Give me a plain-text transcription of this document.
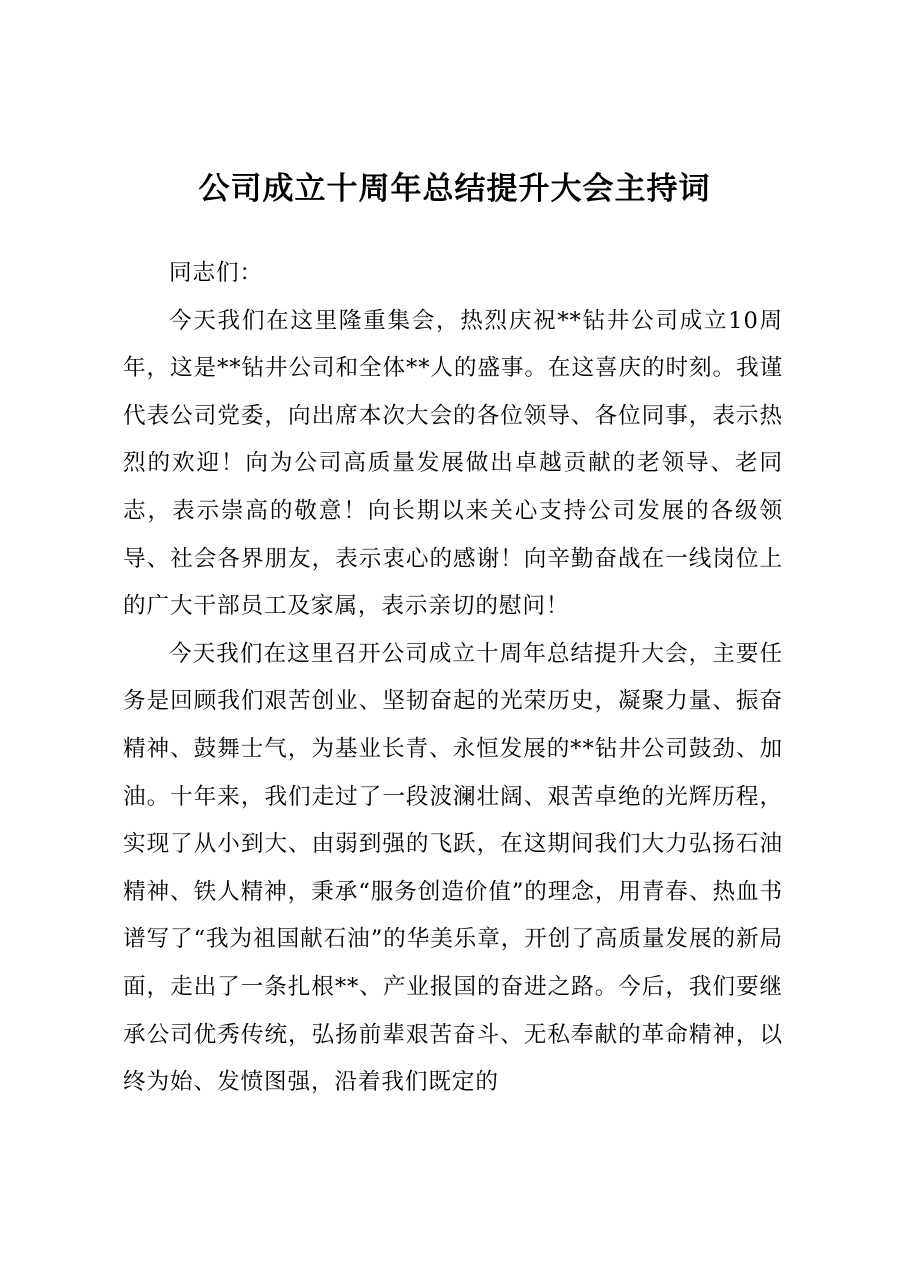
公司成立十周年总结提升大会主持词

同志们：

今天我们在这里隆重集会，热烈庆祝**钻井公司成立10周年，这是**钻井公司和全体**人的盛事。在这喜庆的时刻。我谨代表公司党委，向出席本次大会的各位领导、各位同事，表示热烈的欢迎！向为公司高质量发展做出卓越贡献的老领导、老同志，表示崇高的敬意！向长期以来关心支持公司发展的各级领导、社会各界朋友，表示衷心的感谢！向辛勤奋战在一线岗位上的广大干部员工及家属，表示亲切的慰问！

今天我们在这里召开公司成立十周年总结提升大会，主要任务是回顾我们艰苦创业、坚韧奋起的光荣历史，凝聚力量、振奋精神、鼓舞士气，为基业长青、永恒发展的**钻井公司鼓劲、加油。十年来，我们走过了一段波澜壮阔、艰苦卓绝的光辉历程，实现了从小到大、由弱到强的飞跃，在这期间我们大力弘扬石油精神、铁人精神，秉承“服务创造价值”的理念，用青春、热血书谱写了“我为祖国献石油”的华美乐章，开创了高质量发展的新局面，走出了一条扎根**、产业报国的奋进之路。今后，我们要继承公司优秀传统，弘扬前辈艰苦奋斗、无私奉献的革命精神，以终为始、发愤图强，沿着我们既定的
